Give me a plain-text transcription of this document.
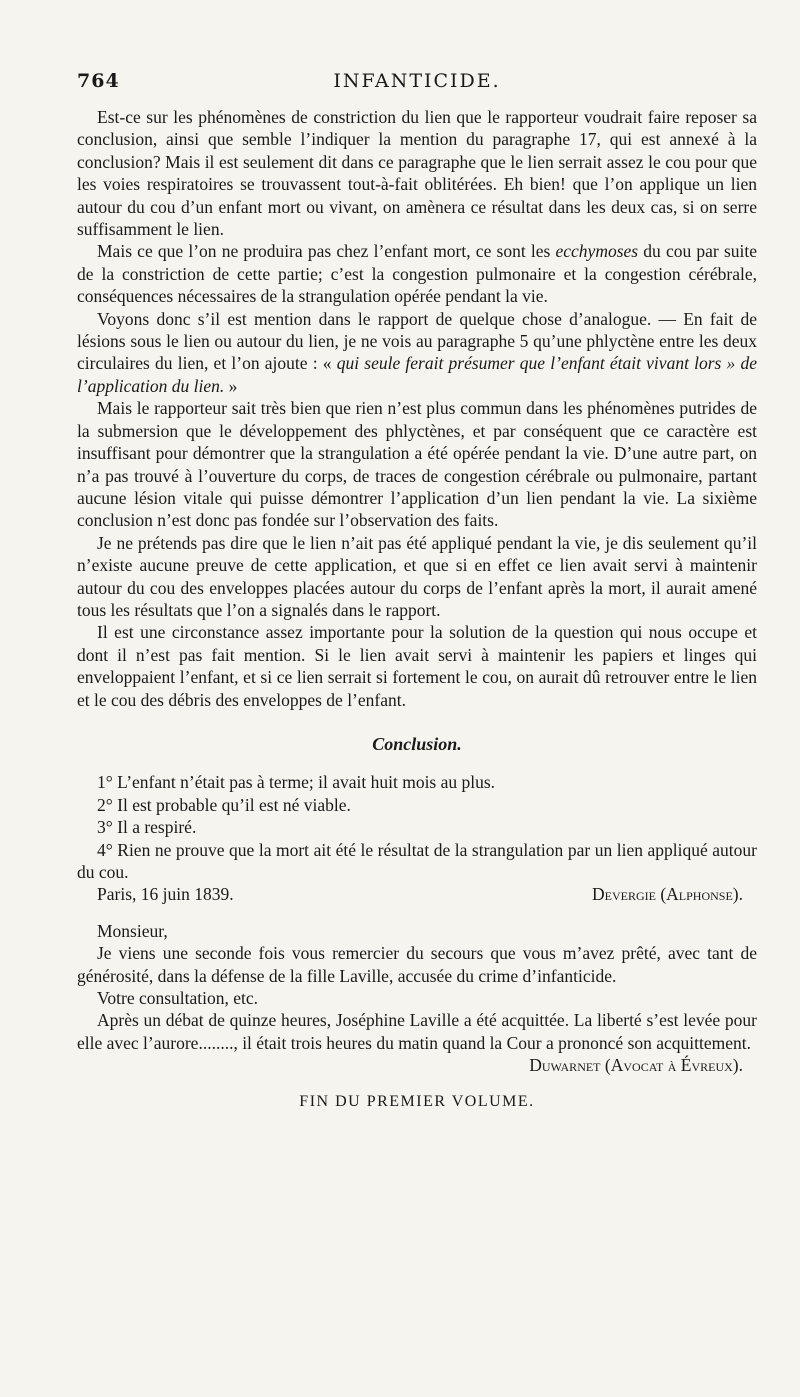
764	INFANTICIDE.

Est-ce sur les phénomènes de constriction du lien que le rapporteur voudrait faire reposer sa conclusion, ainsi que semble l’indiquer la mention du paragraphe 17, qui est annexé à la conclusion? Mais il est seulement dit dans ce paragraphe que le lien serrait assez le cou pour que les voies respiratoires se trouvassent tout-à-fait oblitérées. Eh bien! que l’on applique un lien autour du cou d’un enfant mort ou vivant, on amènera ce résultat dans les deux cas, si on serre suffisamment le lien.

Mais ce que l’on ne produira pas chez l’enfant mort, ce sont les ecchymoses du cou par suite de la constriction de cette partie; c’est la congestion pulmonaire et la congestion cérébrale, conséquences nécessaires de la strangulation opérée pendant la vie.

Voyons donc s’il est mention dans le rapport de quelque chose d’analogue. — En fait de lésions sous le lien ou autour du lien, je ne vois au paragraphe 5 qu’une phlyctène entre les deux circulaires du lien, et l’on ajoute : « qui seule ferait présumer que l’enfant était vivant lors » de l’application du lien. »

Mais le rapporteur sait très bien que rien n’est plus commun dans les phénomènes putrides de la submersion que le développement des phlyctènes, et par conséquent que ce caractère est insuffisant pour démontrer que la strangulation a été opérée pendant la vie. D’une autre part, on n’a pas trouvé à l’ouverture du corps, de traces de congestion cérébrale ou pulmonaire, partant aucune lésion vitale qui puisse démontrer l’application d’un lien pendant la vie. La sixième conclusion n’est donc pas fondée sur l’observation des faits.

Je ne prétends pas dire que le lien n’ait pas été appliqué pendant la vie, je dis seulement qu’il n’existe aucune preuve de cette application, et que si en effet ce lien avait servi à maintenir autour du cou des enveloppes placées autour du corps de l’enfant après la mort, il aurait amené tous les résultats que l’on a signalés dans le rapport.

Il est une circonstance assez importante pour la solution de la question qui nous occupe et dont il n’est pas fait mention. Si le lien avait servi à maintenir les papiers et linges qui enveloppaient l’enfant, et si ce lien serrait si fortement le cou, on aurait dû retrouver entre le lien et le cou des débris des enveloppes de l’enfant.

Conclusion.

1° L’enfant n’était pas à terme; il avait huit mois au plus.

2° Il est probable qu’il est né viable.

3° Il a respiré.

4° Rien ne prouve que la mort ait été le résultat de la strangulation par un lien appliqué autour du cou.

Paris, 16 juin 1839.	Devergie (Alphonse).

Monsieur,

Je viens une seconde fois vous remercier du secours que vous m’avez prêté, avec tant de générosité, dans la défense de la fille Laville, accusée du crime d’infanticide.

Votre consultation, etc.

Après un débat de quinze heures, Joséphine Laville a été acquittée. La liberté s’est levée pour elle avec l’aurore........, il était trois heures du matin quand la Cour a prononcé son acquittement.

Duwarnet (Avocat à Évreux).

FIN DU PREMIER VOLUME.
